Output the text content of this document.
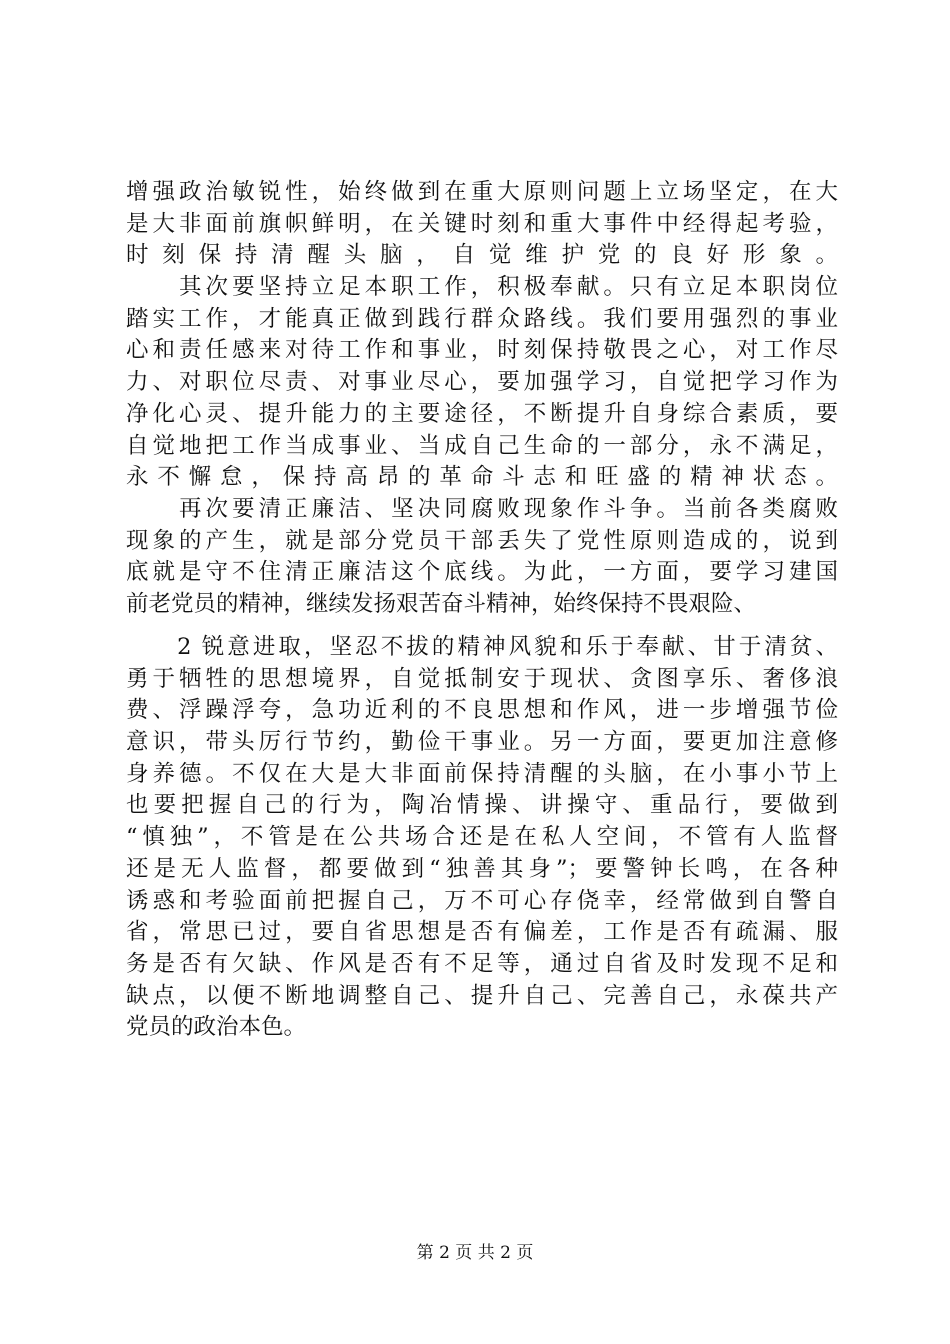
增强政治敏锐性，始终做到在重大原则问题上立场坚定，在大
是大非面前旗帜鲜明，在关键时刻和重大事件中经得起考验，
时刻保持清醒头脑，自觉维护党的良好形象。
　　其次要坚持立足本职工作，积极奉献。只有立足本职岗位
踏实工作，才能真正做到践行群众路线。我们要用强烈的事业
心和责任感来对待工作和事业，时刻保持敬畏之心，对工作尽
力、对职位尽责、对事业尽心，要加强学习，自觉把学习作为
净化心灵、提升能力的主要途径，不断提升自身综合素质，要
自觉地把工作当成事业、当成自己生命的一部分，永不满足，
永不懈怠，保持高昂的革命斗志和旺盛的精神状态。
　　再次要清正廉洁、坚决同腐败现象作斗争。当前各类腐败
现象的产生，就是部分党员干部丢失了党性原则造成的，说到
底就是守不住清正廉洁这个底线。为此，一方面，要学习建国
前老党员的精神，继续发扬艰苦奋斗精神，始终保持不畏艰险、
　　2 锐意进取，坚忍不拔的精神风貌和乐于奉献、甘于清贫、
勇于牺牲的思想境界，自觉抵制安于现状、贪图享乐、奢侈浪
费、浮躁浮夸，急功近利的不良思想和作风，进一步增强节俭
意识，带头厉行节约，勤俭干事业。另一方面，要更加注意修
身养德。不仅在大是大非面前保持清醒的头脑，在小事小节上
也要把握自己的行为，陶冶情操、讲操守、重品行，要做到
“慎独”，不管是在公共场合还是在私人空间，不管有人监督
还是无人监督，都要做到“独善其身”；要警钟长鸣，在各种
诱惑和考验面前把握自己，万不可心存侥幸，经常做到自警自
省，常思已过，要自省思想是否有偏差，工作是否有疏漏、服
务是否有欠缺、作风是否有不足等，通过自省及时发现不足和
缺点，以便不断地调整自己、提升自己、完善自己，永葆共产
党员的政治本色。
第 2 页 共 2 页
